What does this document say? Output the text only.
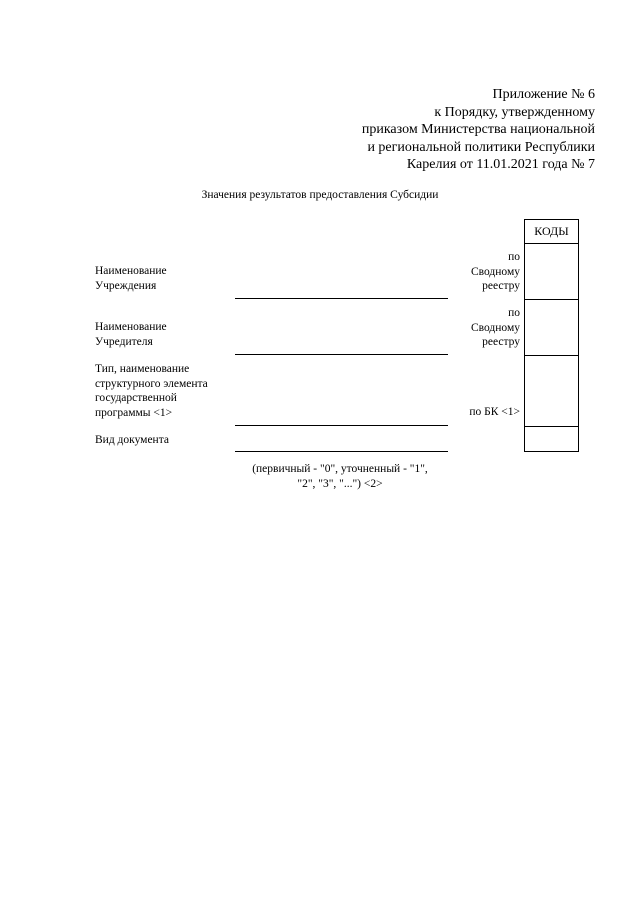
Приложение № 6
к Порядку, утвержденному
приказом Министерства национальной
и региональной политики Республики
Карелия от 11.01.2021 года № 7
Значения результатов предоставления Субсидии
КОДЫ
Наименование
Учреждения
по
Сводному
реестру
Наименование
Учредителя
по
Сводному
реестру
Тип, наименование
структурного элемента
государственной
программы <1>	по БК <1>
Вид документа
(первичный - "0", уточненный - "1",
"2", "3", "...") <2>
